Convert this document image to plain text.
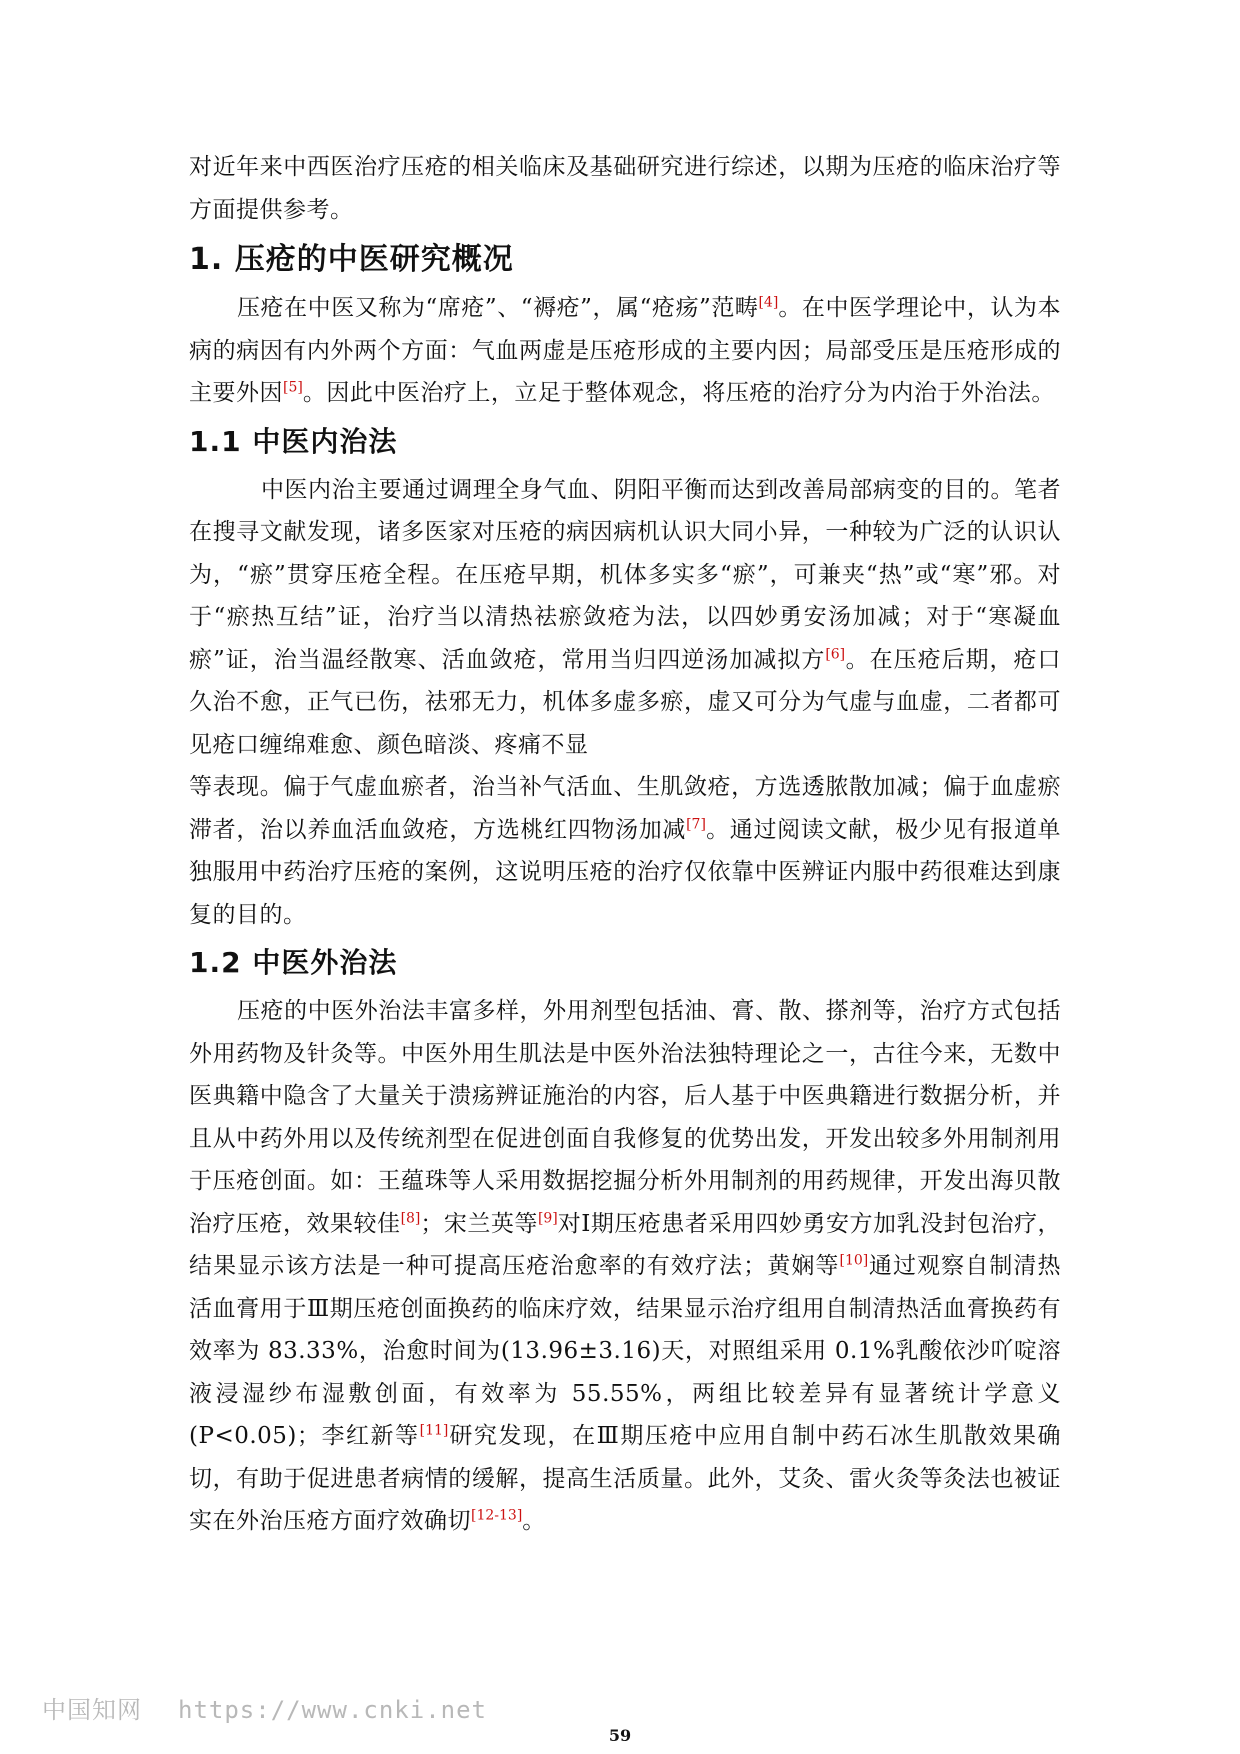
对近年来中西医治疗压疮的相关临床及基础研究进行综述，以期为压疮的临床治疗等方面提供参考。

1. 压疮的中医研究概况

压疮在中医又称为“席疮”、“褥疮”，属“疮疡”范畴[4]。在中医学理论中，认为本病的病因有内外两个方面：气血两虚是压疮形成的主要内因；局部受压是压疮形成的主要外因[5]。因此中医治疗上，立足于整体观念，将压疮的治疗分为内治于外治法。

1.1 中医内治法

中医内治主要通过调理全身气血、阴阳平衡而达到改善局部病变的目的。笔者在搜寻文献发现，诸多医家对压疮的病因病机认识大同小异，一种较为广泛的认识认为，“瘀”贯穿压疮全程。在压疮早期，机体多实多“瘀”，可兼夹“热”或“寒”邪。对于“瘀热互结”证，治疗当以清热祛瘀敛疮为法，以四妙勇安汤加减；对于“寒凝血瘀”证，治当温经散寒、活血敛疮，常用当归四逆汤加减拟方[6]。在压疮后期，疮口久治不愈，正气已伤，祛邪无力，机体多虚多瘀，虚又可分为气虚与血虚，二者都可见疮口缠绵难愈、颜色暗淡、疼痛不显

等表现。偏于气虚血瘀者，治当补气活血、生肌敛疮，方选透脓散加减；偏于血虚瘀滞者，治以养血活血敛疮，方选桃红四物汤加减[7]。通过阅读文献，极少见有报道单独服用中药治疗压疮的案例，这说明压疮的治疗仅依靠中医辨证内服中药很难达到康复的目的。

1.2 中医外治法

压疮的中医外治法丰富多样，外用剂型包括油、膏、散、搽剂等，治疗方式包括外用药物及针灸等。中医外用生肌法是中医外治法独特理论之一，古往今来，无数中医典籍中隐含了大量关于溃疡辨证施治的内容，后人基于中医典籍进行数据分析，并且从中药外用以及传统剂型在促进创面自我修复的优势出发，开发出较多外用制剂用于压疮创面。如：王蕴珠等人采用数据挖掘分析外用制剂的用药规律，开发出海贝散治疗压疮，效果较佳[8]；宋兰英等[9]对Ⅰ期压疮患者采用四妙勇安方加乳没封包治疗，结果显示该方法是一种可提高压疮治愈率的有效疗法；黄娴等[10]通过观察自制清热活血膏用于Ⅲ期压疮创面换药的临床疗效，结果显示治疗组用自制清热活血膏换药有效率为 83.33%，治愈时间为(13.96±3.16)天，对照组采用 0.1%乳酸依沙吖啶溶液浸湿纱布湿敷创面，有效率为 55.55%，两组比较差异有显著统计学意义(P<0.05)；李红新等[11]研究发现，在Ⅲ期压疮中应用自制中药石冰生肌散效果确切，有助于促进患者病情的缓解，提高生活质量。此外，艾灸、雷火灸等灸法也被证实在外治压疮方面疗效确切[12-13]。

中国知网 https://www.cnki.net
59
